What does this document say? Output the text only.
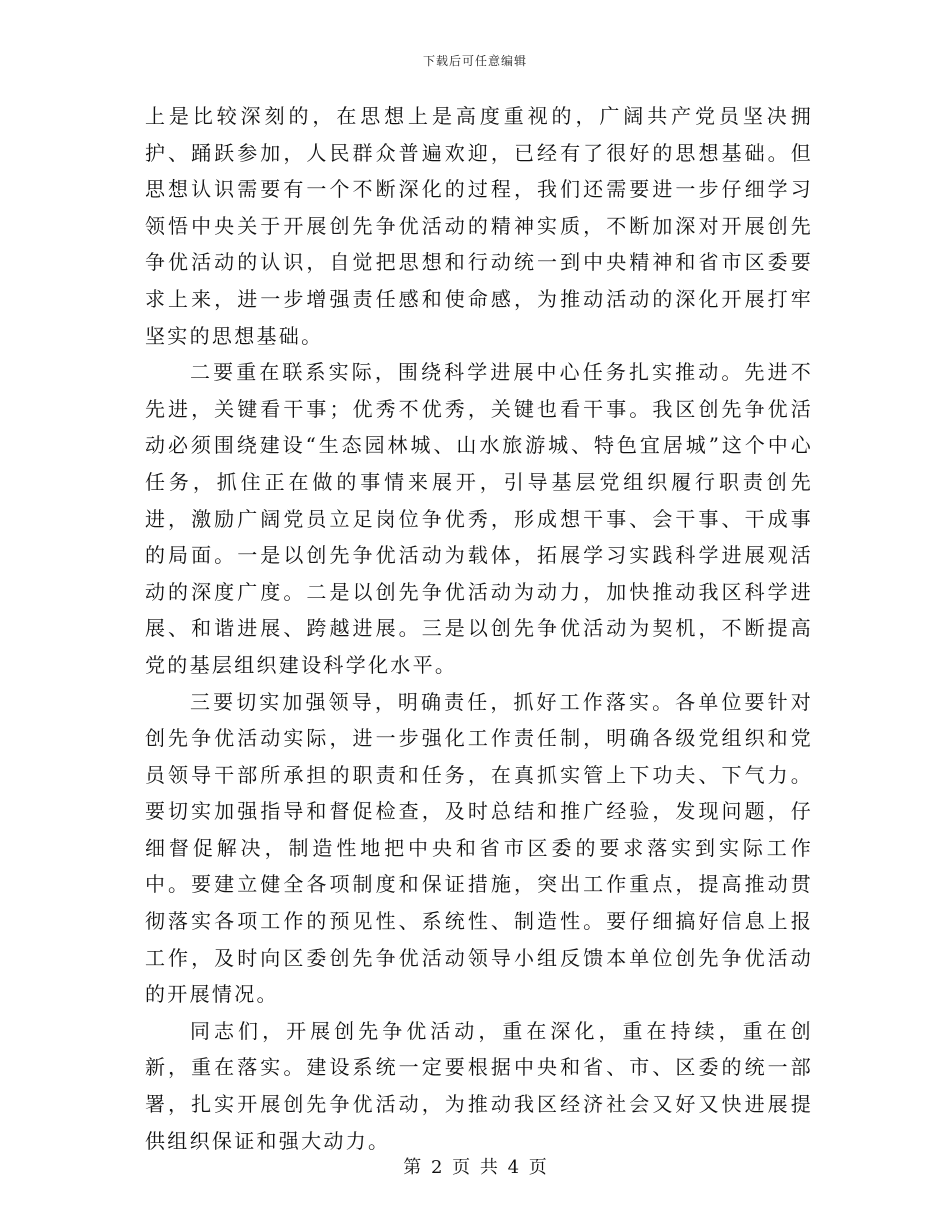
下载后可任意编辑

上是比较深刻的，在思想上是高度重视的，广阔共产党员坚决拥护、踊跃参加，人民群众普遍欢迎，已经有了很好的思想基础。但思想认识需要有一个不断深化的过程，我们还需要进一步仔细学习领悟中央关于开展创先争优活动的精神实质，不断加深对开展创先争优活动的认识，自觉把思想和行动统一到中央精神和省市区委要求上来，进一步增强责任感和使命感，为推动活动的深化开展打牢坚实的思想基础。

二要重在联系实际，围绕科学进展中心任务扎实推动。先进不先进，关键看干事；优秀不优秀，关键也看干事。我区创先争优活动必须围绕建设“生态园林城、山水旅游城、特色宜居城”这个中心任务，抓住正在做的事情来展开，引导基层党组织履行职责创先进，激励广阔党员立足岗位争优秀，形成想干事、会干事、干成事的局面。一是以创先争优活动为载体，拓展学习实践科学进展观活动的深度广度。二是以创先争优活动为动力，加快推动我区科学进展、和谐进展、跨越进展。三是以创先争优活动为契机，不断提高党的基层组织建设科学化水平。

三要切实加强领导，明确责任，抓好工作落实。各单位要针对创先争优活动实际，进一步强化工作责任制，明确各级党组织和党员领导干部所承担的职责和任务，在真抓实管上下功夫、下气力。要切实加强指导和督促检查，及时总结和推广经验，发现问题，仔细督促解决，制造性地把中央和省市区委的要求落实到实际工作中。要建立健全各项制度和保证措施，突出工作重点，提高推动贯彻落实各项工作的预见性、系统性、制造性。要仔细搞好信息上报工作，及时向区委创先争优活动领导小组反馈本单位创先争优活动的开展情况。

同志们，开展创先争优活动，重在深化，重在持续，重在创新，重在落实。建设系统一定要根据中央和省、市、区委的统一部署，扎实开展创先争优活动，为推动我区经济社会又好又快进展提供组织保证和强大动力。

第 2 页 共 4 页
